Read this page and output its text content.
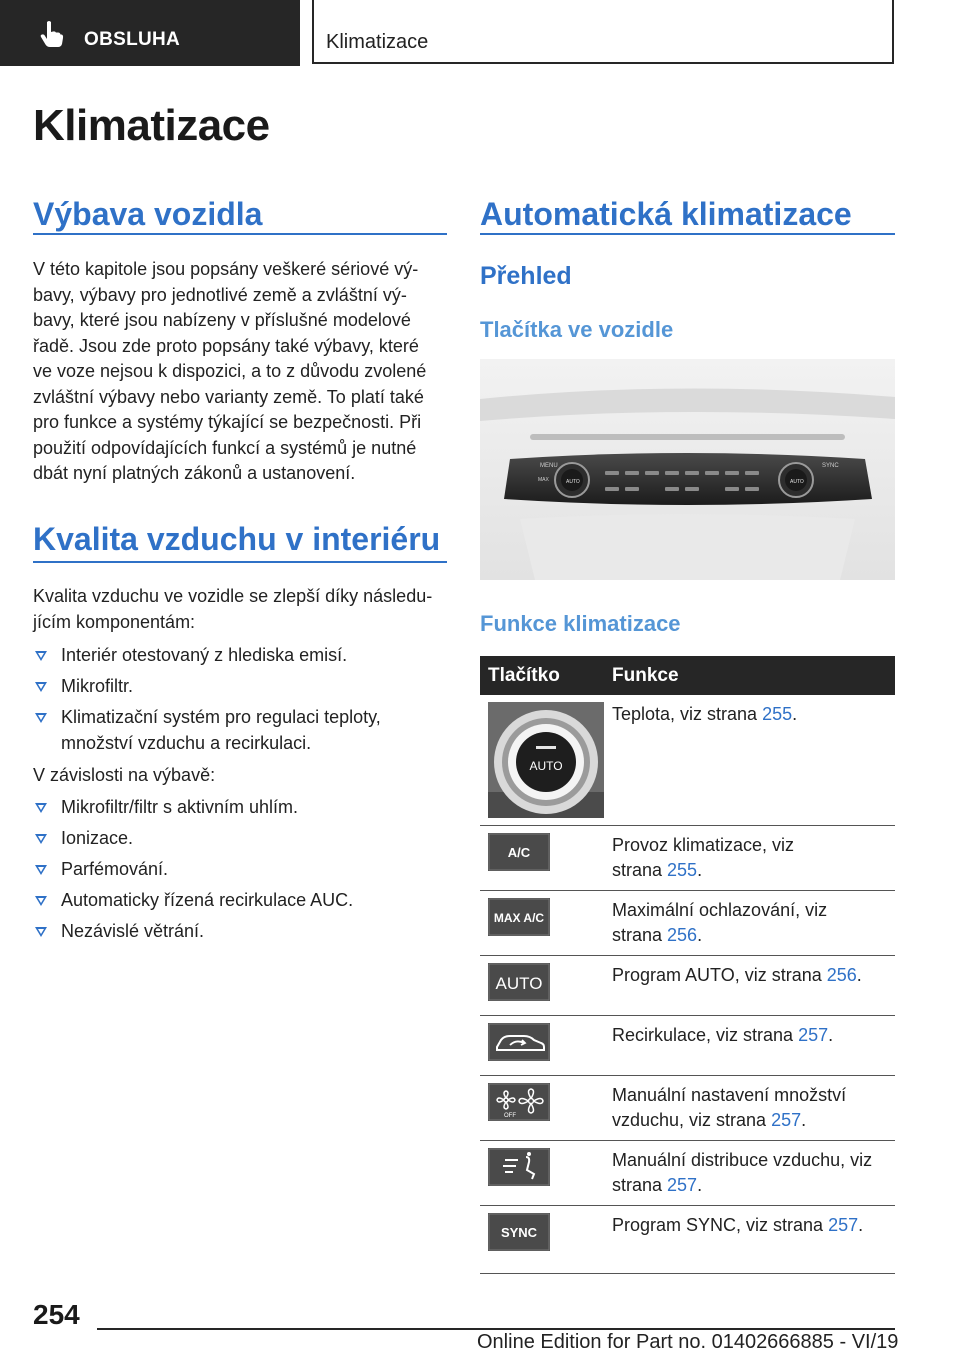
OBSLUHA	Klimatizace
Klimatizace
Výbava vozidla
V této kapitole jsou popsány veškeré sériové vý‐
bavy, výbavy pro jednotlivé země a zvláštní vý‐
bavy, které jsou nabízeny v příslušné modelové
řadě. Jsou zde proto popsány také výbavy, které
ve voze nejsou k dispozici, a to z důvodu zvolené
zvláštní výbavy nebo varianty země. To platí také
pro funkce a systémy týkající se bezpečnosti. Při
použití odpovídajících funkcí a systémů je nutné
dbát nyní platných zákonů a ustanovení.
Kvalita vzduchu v interiéru
Kvalita vzduchu ve vozidle se zlepší díky následu‐
jícím komponentám:
Interiér otestovaný z hlediska emisí.
Mikrofiltr.
Klimatizační systém pro regulaci teploty,
množství vzduchu a recirkulaci.
V závislosti na výbavě:
Mikrofiltr/filtr s aktivním uhlím.
Ionizace.
Parfémování.
Automaticky řízená recirkulace AUC.
Nezávislé větrání.
Automatická klimatizace
Přehled
Tlačítka ve vozidle
MENU
MAX
SYNC
AUTO	AUTO
Funkce klimatizace
Tlačítko	Funkce

AUTO	Teplota, viz strana 255.

A/C	Provoz klimatizace, viz
strana 255.

MAX A/C	Maximální ochlazování, viz
strana 256.

AUTO	Program AUTO, viz strana 256.

	Recirkulace, viz strana 257.

OFF	Manuální nastavení množství
vzduchu, viz strana 257.

	Manuální distribuce vzduchu, viz
strana 257.

SYNC	Program SYNC, viz strana 257.
254
Online Edition for Part no. 01402666885 - VI/19
